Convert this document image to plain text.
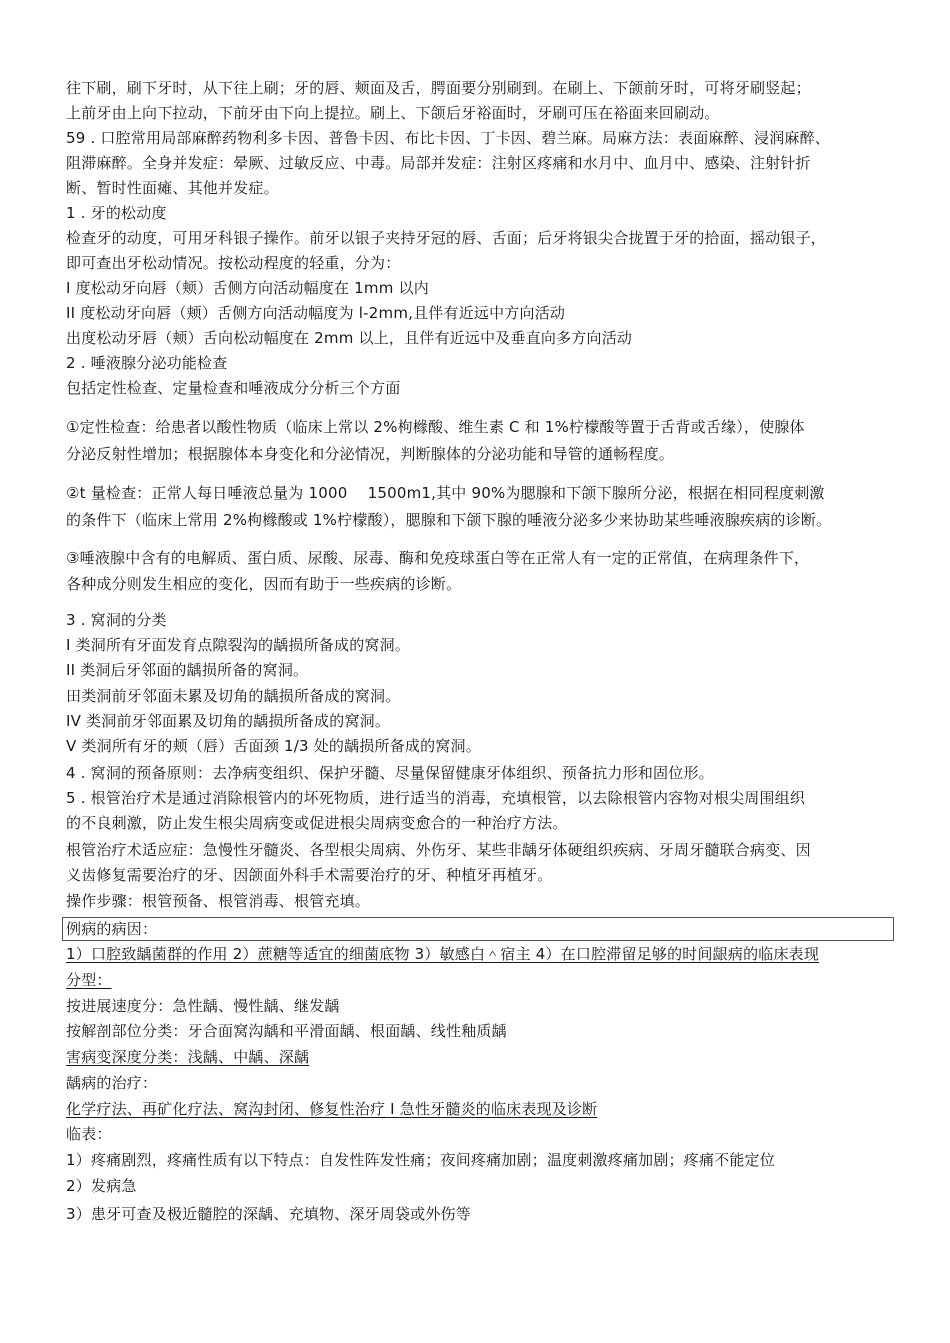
往下刷，刷下牙时，从下往上刷；牙的唇、颊面及舌，腭面要分别刷到。在刷上、下颌前牙时，可将牙刷竖起；
上前牙由上向下拉动，下前牙由下向上提拉。刷上、下颌后牙裕面时，牙刷可压在裕面来回刷动。
59 . 口腔常用局部麻醉药物利多卡因、普鲁卡因、布比卡因、丁卡因、碧兰麻。局麻方法：表面麻醉、浸润麻醉、
阻滞麻醉。全身并发症：晕厥、过敏反应、中毒。局部并发症：注射区疼痛和水月中、血月中、感染、注射针折
断、暂时性面瘫、其他并发症。
1 . 牙的松动度
检查牙的动度，可用牙科银子操作。前牙以银子夹持牙冠的唇、舌面；后牙将银尖合拢置于牙的拾面，摇动银子，
即可查出牙松动情况。按松动程度的轻重，分为：
I 度松动牙向唇（颊）舌侧方向活动幅度在 1mm 以内
II 度松动牙向唇（颊）舌侧方向活动幅度为 l-2mm,且伴有近远中方向活动
出度松动牙唇（颊）舌向松动幅度在 2mm 以上，且伴有近远中及垂直向多方向活动
2 . 唾液腺分泌功能检查
包括定性检查、定量检查和唾液成分分析三个方面
①定性检查：给患者以酸性物质（临床上常以 2%枸橼酸、维生素 C 和 1%柠檬酸等置于舌背或舌缘），使腺体
分泌反射性增加；根据腺体本身变化和分泌情况，判断腺体的分泌功能和导管的通畅程度。
②t 量检查：正常人每日唾液总量为 1000　 1500m1,其中 90%为腮腺和下颌下腺所分泌，根据在相同程度刺激
的条件下（临床上常用 2%枸橼酸或 1%柠檬酸），腮腺和下颌下腺的唾液分泌多少来协助某些唾液腺疾病的诊断。
③唾液腺中含有的电解质、蛋白质、尿酸、尿毒、酶和免疫球蛋白等在正常人有一定的正常值，在病理条件下，
各种成分则发生相应的变化，因而有助于一些疾病的诊断。
3 . 窝洞的分类
I 类洞所有牙面发育点隙裂沟的龋损所备成的窝洞。
II 类洞后牙邻面的龋损所备的窝洞。
田类洞前牙邻面未累及切角的龋损所备成的窝洞。
IV 类洞前牙邻面累及切角的龋损所备成的窝洞。
V 类洞所有牙的颊（唇）舌面颈 1/3 处的龋损所备成的窝洞。
4 . 窝洞的预备原则：去净病变组织、保护牙髓、尽量保留健康牙体组织、预备抗力形和固位形。
5 . 根管治疗术是通过消除根管内的坏死物质，进行适当的消毒，充填根管，以去除根管内容物对根尖周围组织
的不良刺激，防止发生根尖周病变或促进根尖周病变愈合的一种治疗方法。
根管治疗术适应症：急慢性牙髓炎、各型根尖周病、外伤牙、某些非龋牙体硬组织疾病、牙周牙髓联合病变、因
义齿修复需要治疗的牙、因颌面外科手术需要治疗的牙、种植牙再植牙。
操作步骤：根管预备、根管消毒、根管充填。
例病的病因：
1）口腔致龋菌群的作用 2）蔗糖等适宜的细菌底物 3）敏感白＾宿主 4）在口腔滞留足够的时间龈病的临床表现
分型：
按进展速度分：急性龋、慢性龋、继发龋
按解剖部位分类：牙合面窝沟龋和平滑面龋、根面龋、线性釉质龋
害病变深度分类：浅龋、中龋、深龋
龋病的治疗：
化学疗法、再矿化疗法、窝沟封闭、修复性治疗 I 急性牙髓炎的临床表现及诊断
临表：
1）疼痛剧烈，疼痛性质有以下特点：自发性阵发性痛；夜间疼痛加剧；温度刺激疼痛加剧；疼痛不能定位
2）发病急
3）患牙可查及极近髓腔的深龋、充填物、深牙周袋或外伤等
